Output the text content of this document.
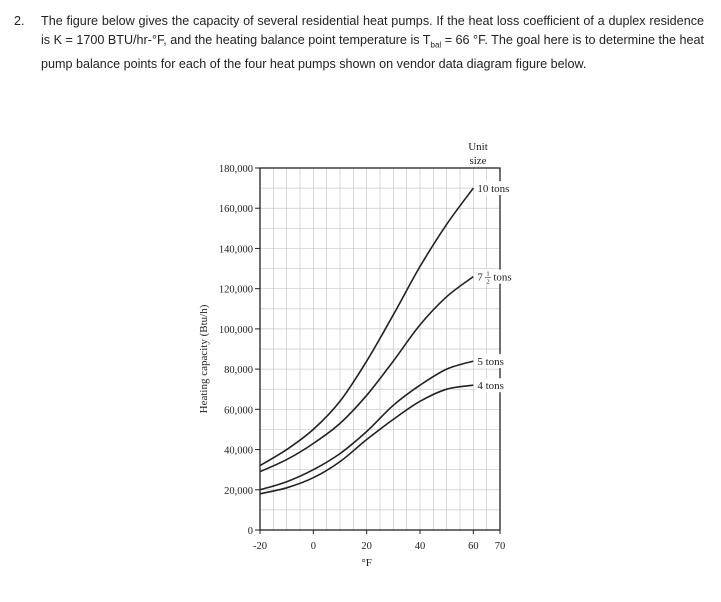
2. The figure below gives the capacity of several residential heat pumps. If the heat loss coefficient of a duplex residence is K = 1700 BTU/hr-°F, and the heating balance point temperature is $T_{bal} = 66$ °F. The goal here is to determine the heat pump balance points for each of the four heat pumps shown on vendor data diagram figure below.
0
20,000
40,000
60,000
80,000
100,000
120,000
140,000
160,000
180,000
-20	0	20	40	60 70
10 tons
7 1
2 tons
5 tons
4 tons
Heating capacity (Btu/h)
°F
Unit
size
